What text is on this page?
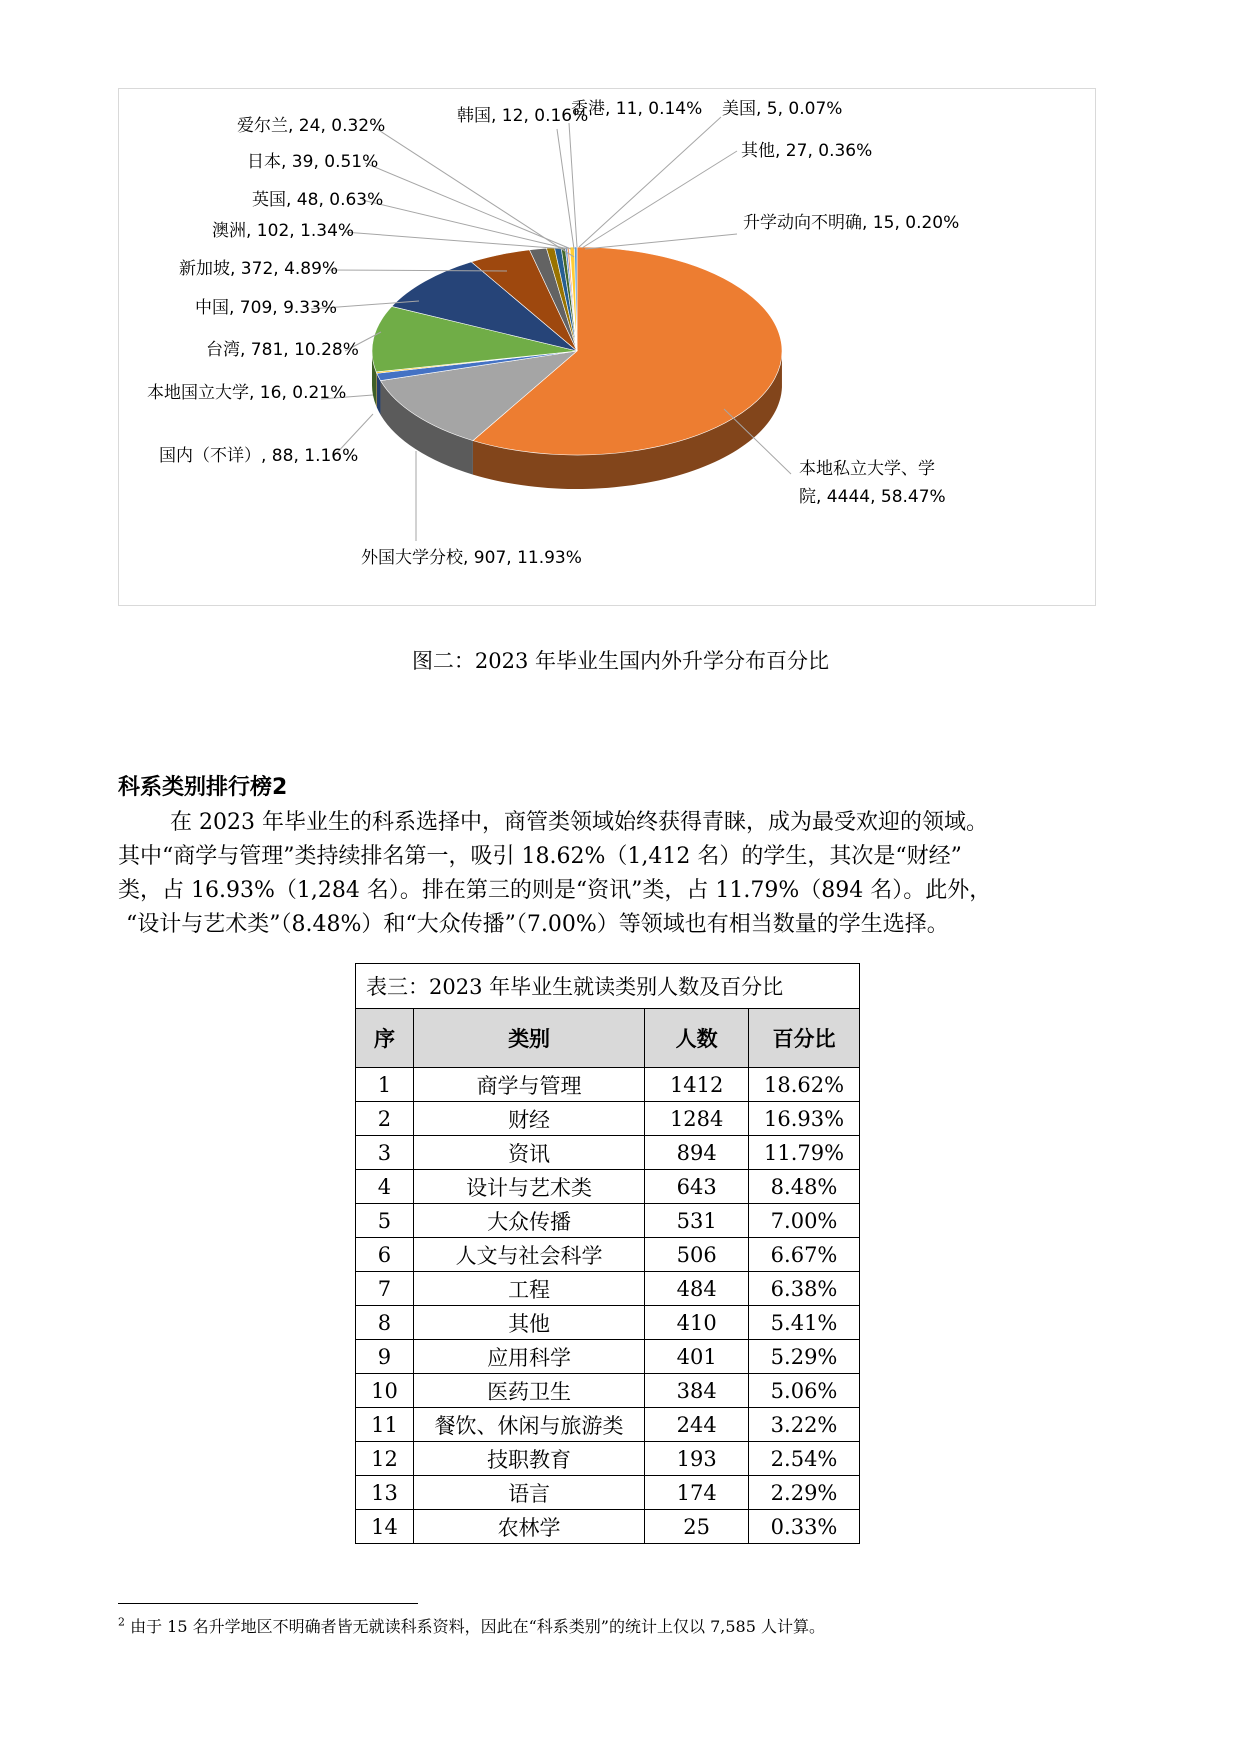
爱尔兰, 24, 0.32%	韩国, 12, 0.16%
香港, 11, 0.14% 美国, 5, 0.07%
其他, 27, 0.36%
日本, 39, 0.51%
英国, 48, 0.63%
澳洲, 102, 1.34%	升学动向不明确, 15, 0.20%
新加坡, 372, 4.89%
中国, 709, 9.33%
台湾, 781, 10.28%
本地国立大学, 16, 0.21%
国内（不详）, 88, 1.16%
外国大学分校, 907, 11.93%
本地私立大学、学
院, 4444, 58.47%
图二：2023 年毕业生国内外升学分布百分比
科系类别排行榜2
在 2023 年毕业生的科系选择中，商管类领域始终获得青睐，成为最受欢迎的领域。
其中“商学与管理”类持续排名第一，吸引 18.62%（1,412 名）的学生，其次是“财经”
类，占 16.93%（1,284 名）。排在第三的则是“资讯”类，占 11.79%（894 名）。此外，
“设计与艺术类”（8.48%）和“大众传播”（7.00%）等领域也有相当数量的学生选择。
表三：2023 年毕业生就读类别人数及百分比			
序	类别	人数	百分比
1	商学与管理	1412	18.62%
2	财经	1284	16.93%
3	资讯	894	11.79%
4	设计与艺术类	643	8.48%
5	大众传播	531	7.00%
6	人文与社会科学	506	6.67%
7	工程	484	6.38%
8	其他	410	5.41%
9	应用科学	401	5.29%
10	医药卫生	384	5.06%
11	餐饮、休闲与旅游类	244	3.22%
12	技职教育	193	2.54%
13	语言	174	2.29%
14	农林学	25	0.33%
$^2$ 由于 15 名升学地区不明确者皆无就读科系资料，因此在“科系类别”的统计上仅以 7,585 人计算。
